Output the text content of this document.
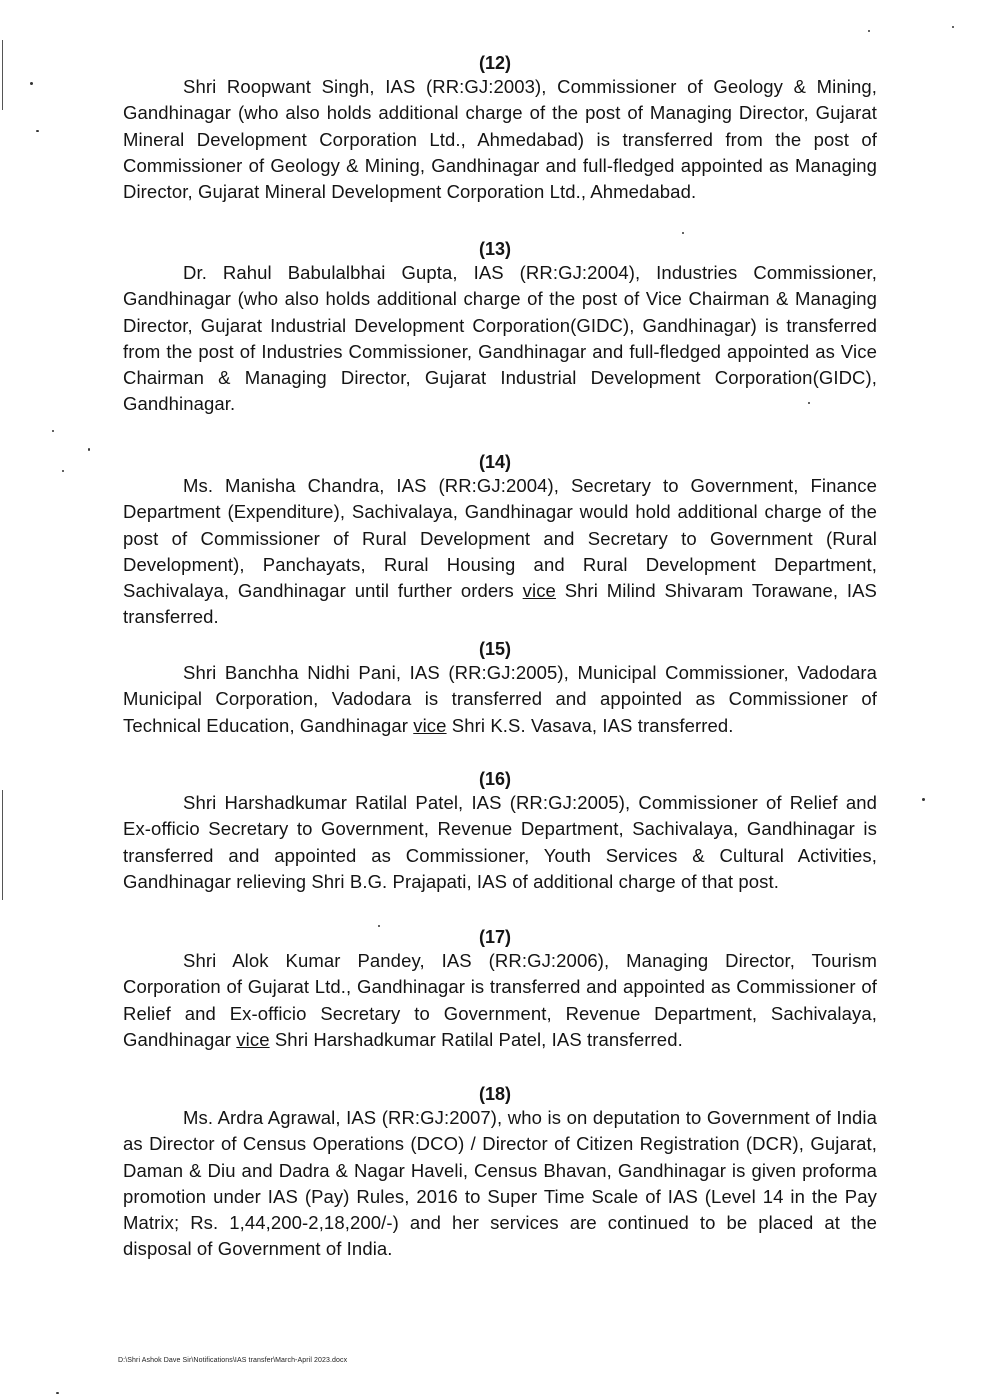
(12)
Shri Roopwant Singh, IAS (RR:GJ:2003), Commissioner of Geology & Mining, Gandhinagar (who also holds additional charge of the post of Managing Director, Gujarat Mineral Development Corporation Ltd., Ahmedabad) is transferred from the post of Commissioner of Geology & Mining, Gandhinagar and full-fledged appointed as Managing Director, Gujarat Mineral Development Corporation Ltd., Ahmedabad.
(13)
Dr. Rahul Babulalbhai Gupta, IAS (RR:GJ:2004), Industries Commissioner, Gandhinagar (who also holds additional charge of the post of Vice Chairman & Managing Director, Gujarat Industrial Development Corporation(GIDC), Gandhinagar) is transferred from the post of Industries Commissioner, Gandhinagar and full-fledged appointed as Vice Chairman & Managing Director, Gujarat Industrial Development Corporation(GIDC), Gandhinagar.
(14)
Ms. Manisha Chandra, IAS (RR:GJ:2004), Secretary to Government, Finance Department (Expenditure), Sachivalaya, Gandhinagar would hold additional charge of the post of Commissioner of Rural Development and Secretary to Government (Rural Development), Panchayats, Rural Housing and Rural Development Department, Sachivalaya, Gandhinagar until further orders vice Shri Milind Shivaram Torawane, IAS transferred.
(15)
Shri Banchha Nidhi Pani, IAS (RR:GJ:2005), Municipal Commissioner, Vadodara Municipal Corporation, Vadodara is transferred and appointed as Commissioner of Technical Education, Gandhinagar vice Shri K.S. Vasava, IAS transferred.
(16)
Shri Harshadkumar Ratilal Patel, IAS (RR:GJ:2005), Commissioner of Relief and Ex-officio Secretary to Government, Revenue Department, Sachivalaya, Gandhinagar is transferred and appointed as Commissioner, Youth Services & Cultural Activities, Gandhinagar relieving Shri B.G. Prajapati, IAS of additional charge of that post.
(17)
Shri Alok Kumar Pandey, IAS (RR:GJ:2006), Managing Director, Tourism Corporation of Gujarat Ltd., Gandhinagar is transferred and appointed as Commissioner of Relief and Ex-officio Secretary to Government, Revenue Department, Sachivalaya, Gandhinagar vice Shri Harshadkumar Ratilal Patel, IAS transferred.
(18)
Ms. Ardra Agrawal, IAS (RR:GJ:2007), who is on deputation to Government of India as Director of Census Operations (DCO) / Director of Citizen Registration (DCR), Gujarat, Daman & Diu and Dadra & Nagar Haveli, Census Bhavan, Gandhinagar is given proforma promotion under IAS (Pay) Rules, 2016 to Super Time Scale of IAS (Level 14 in the Pay Matrix; Rs. 1,44,200-2,18,200/-) and her services are continued to be placed at the disposal of Government of India.
D:\Shri Ashok Dave Sir\Notifications\IAS transfer\March-April 2023.docx
